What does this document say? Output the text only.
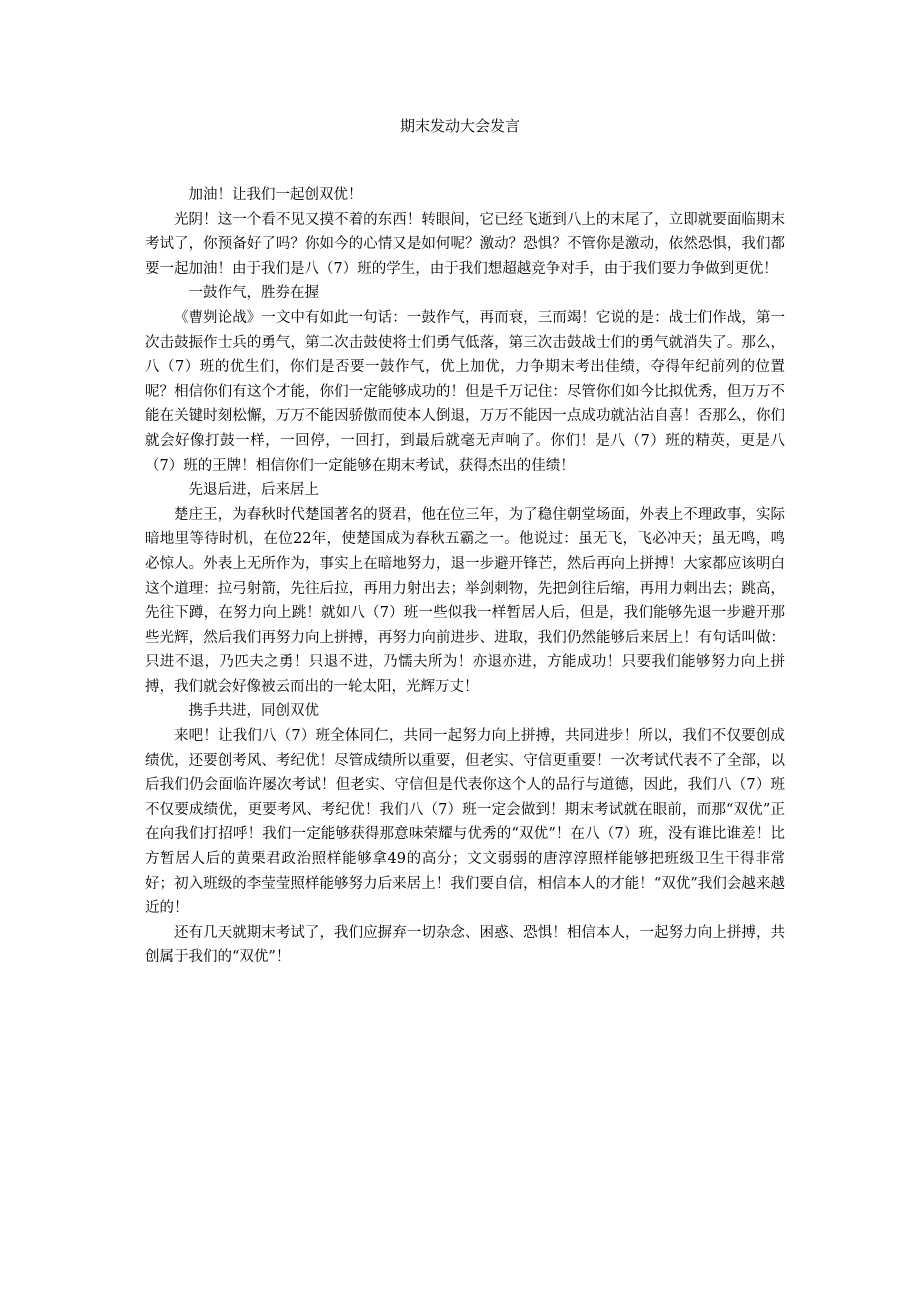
期末发动大会发言

加油！让我们一起创双优！

光阴！这一个看不见又摸不着的东西！转眼间，它已经飞逝到八上的末尾了，立即就要面临期末考试了，你预备好了吗？你如今的心情又是如何呢？激动？恐惧？不管你是激动，依然恐惧，我们都要一起加油！由于我们是八（7）班的学生，由于我们想超越竞争对手，由于我们要力争做到更优！

一鼓作气，胜券在握

《曹刿论战》一文中有如此一句话：一鼓作气，再而衰，三而竭！它说的是：战士们作战，第一次击鼓振作士兵的勇气，第二次击鼓使将士们勇气低落，第三次击鼓战士们的勇气就消失了。那么，八（7）班的优生们，你们是否要一鼓作气，优上加优，力争期末考出佳绩，夺得年纪前列的位置呢？相信你们有这个才能，你们一定能够成功的！但是千万记住：尽管你们如今比拟优秀，但万万不能在关键时刻松懈，万万不能因骄傲而使本人倒退，万万不能因一点成功就沾沾自喜！否那么，你们就会好像打鼓一样，一回停，一回打，到最后就毫无声响了。你们！是八（7）班的精英，更是八（7）班的王牌！相信你们一定能够在期末考试，获得杰出的佳绩！

先退后进，后来居上

楚庄王，为春秋时代楚国著名的贤君，他在位三年，为了稳住朝堂场面，外表上不理政事，实际暗地里等待时机，在位22年，使楚国成为春秋五霸之一。他说过：虽无飞，飞必冲天；虽无鸣，鸣必惊人。外表上无所作为，事实上在暗地努力，退一步避开锋芒，然后再向上拼搏！大家都应该明白这个道理：拉弓射箭，先往后拉，再用力射出去；举剑刺物，先把剑往后缩，再用力刺出去；跳高，先往下蹲，在努力向上跳！就如八（7）班一些似我一样暂居人后，但是，我们能够先退一步避开那些光辉，然后我们再努力向上拼搏，再努力向前进步、进取，我们仍然能够后来居上！有句话叫做：只进不退，乃匹夫之勇！只退不进，乃懦夫所为！亦退亦进，方能成功！只要我们能够努力向上拼搏，我们就会好像被云而出的一轮太阳，光辉万丈！

携手共进，同创双优

来吧！让我们八（7）班全体同仁，共同一起努力向上拼搏，共同进步！所以，我们不仅要创成绩优，还要创考风、考纪优！尽管成绩所以重要，但老实、守信更重要！一次考试代表不了全部，以后我们仍会面临许屡次考试！但老实、守信但是代表你这个人的品行与道德，因此，我们八（7）班不仅要成绩优，更要考风、考纪优！我们八（7）班一定会做到！期末考试就在眼前，而那“双优”正在向我们打招呼！我们一定能够获得那意味荣耀与优秀的“双优”！在八（7）班，没有谁比谁差！比方暂居人后的黄栗君政治照样能够拿49的高分；文文弱弱的唐淳淳照样能够把班级卫生干得非常好；初入班级的李莹莹照样能够努力后来居上！我们要自信，相信本人的才能！“双优”我们会越来越近的！

还有几天就期末考试了，我们应摒弃一切杂念、困惑、恐惧！相信本人，一起努力向上拼搏，共创属于我们的“双优”！
